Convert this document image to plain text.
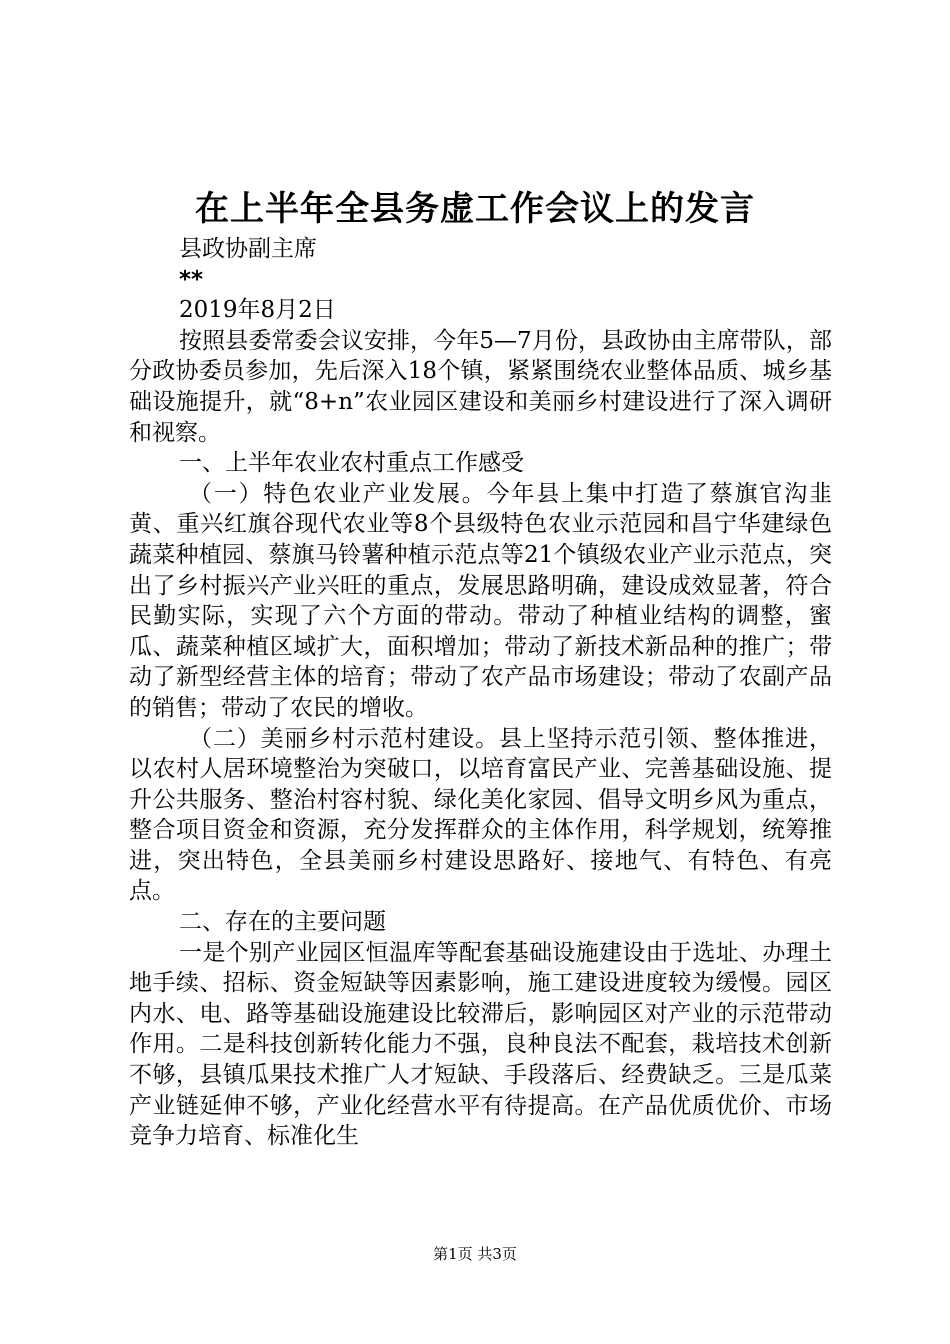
在上半年全县务虚工作会议上的发言
县政协副主席
**
2019年8月2日

按照县委常委会议安排，今年5—7月份，县政协由主席带队，部分政协委员参加，先后深入18个镇，紧紧围绕农业整体品质、城乡基础设施提升，就“8+n”农业园区建设和美丽乡村建设进行了深入调研和视察。

一、上半年农业农村重点工作感受

（一）特色农业产业发展。今年县上集中打造了蔡旗官沟韭黄、重兴红旗谷现代农业等8个县级特色农业示范园和昌宁华建绿色蔬菜种植园、蔡旗马铃薯种植示范点等21个镇级农业产业示范点，突出了乡村振兴产业兴旺的重点，发展思路明确，建设成效显著，符合民勤实际，实现了六个方面的带动。带动了种植业结构的调整，蜜瓜、蔬菜种植区域扩大，面积增加；带动了新技术新品种的推广；带动了新型经营主体的培育；带动了农产品市场建设；带动了农副产品的销售；带动了农民的增收。

（二）美丽乡村示范村建设。县上坚持示范引领、整体推进，以农村人居环境整治为突破口，以培育富民产业、完善基础设施、提升公共服务、整治村容村貌、绿化美化家园、倡导文明乡风为重点，整合项目资金和资源，充分发挥群众的主体作用，科学规划，统筹推进，突出特色，全县美丽乡村建设思路好、接地气、有特色、有亮点。

二、存在的主要问题

一是个别产业园区恒温库等配套基础设施建设由于选址、办理土地手续、招标、资金短缺等因素影响，施工建设进度较为缓慢。园区内水、电、路等基础设施建设比较滞后，影响园区对产业的示范带动作用。二是科技创新转化能力不强，良种良法不配套，栽培技术创新不够，县镇瓜果技术推广人才短缺、手段落后、经费缺乏。三是瓜菜产业链延伸不够，产业化经营水平有待提高。在产品优质优价、市场竞争力培育、标准化生

第1页 共3页
